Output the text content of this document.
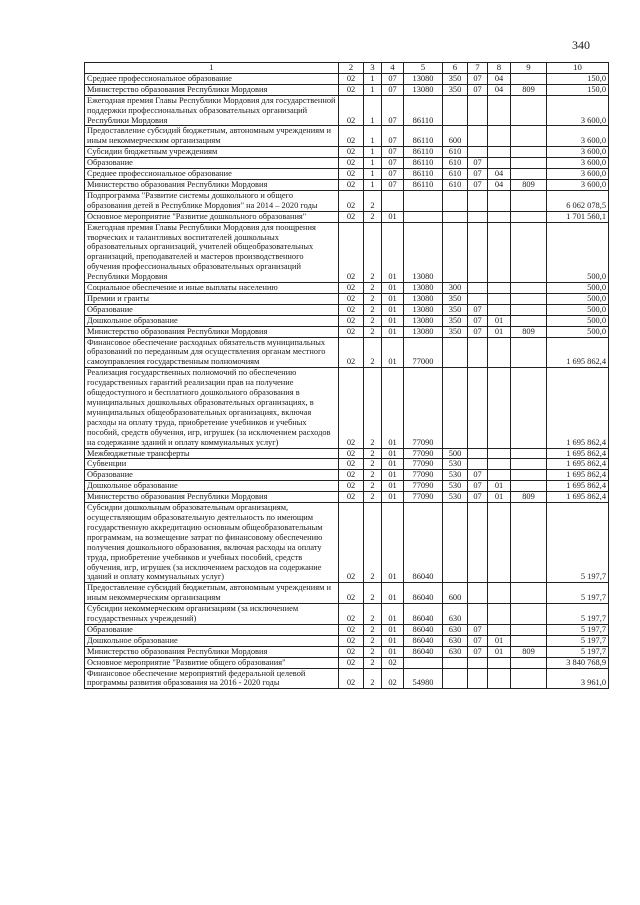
340
1	2	3	4	5	6	7	8	9	10
Среднее профессиональное образование	02	1	07	13080	350	07	04		150,0
Министерство образования Республики Мордовия	02	1	07	13080	350	07	04	809	150,0
Ежегодная премия Главы Республики Мордовия для государственной поддержки профессиональных образовательных организаций Республики Мордовия	02	1	07	86110					3 600,0
Предоставление субсидий бюджетным, автономным учреждениям и иным некоммерческим организациям	02	1	07	86110	600				3 600,0
Субсидии бюджетным учреждениям	02	1	07	86110	610				3 600,0
Образование	02	1	07	86110	610	07			3 600,0
Среднее профессиональное образование	02	1	07	86110	610	07	04		3 600,0
Министерство образования Республики Мордовия	02	1	07	86110	610	07	04	809	3 600,0
Подпрограмма "Развитие системы дошкольного и общего образования детей в Республике Мордовия" на 2014 – 2020 годы	02	2							6 062 078,5
Основное мероприятие "Развитие дошкольного образования"	02	2	01						1 701 560,1
Ежегодная премия Главы Республики Мордовия для поощрения творческих и талантливых воспитателей дошкольных образовательных организаций, учителей общеобразовательных организаций, преподавателей и мастеров производственного обучения профессиональных образовательных организаций Республики Мордовия	02	2	01	13080					500,0
Социальное обеспечение и иные выплаты населению	02	2	01	13080	300				500,0
Премии и гранты	02	2	01	13080	350				500,0
Образование	02	2	01	13080	350	07			500,0
Дошкольное образование	02	2	01	13080	350	07	01		500,0
Министерство образования Республики Мордовия	02	2	01	13080	350	07	01	809	500,0
Финансовое обеспечение расходных обязательств муниципальных образований по переданным для осуществления органам местного самоуправления государственным полномочиям	02	2	01	77000					1 695 862,4
Реализация государственных полномочий по обеспечению государственных гарантий реализации прав на получение общедоступного и бесплатного дошкольного образования в муниципальных дошкольных образовательных организациях, в муниципальных общеобразовательных организациях, включая расходы на оплату труда, приобретение учебников и учебных пособий, средств обучения, игр, игрушек (за исключением расходов на содержание зданий и оплату коммунальных услуг)	02	2	01	77090					1 695 862,4
Межбюджетные трансферты	02	2	01	77090	500				1 695 862,4
Субвенции	02	2	01	77090	530				1 695 862,4
Образование	02	2	01	77090	530	07			1 695 862,4
Дошкольное образование	02	2	01	77090	530	07	01		1 695 862,4
Министерство образования Республики Мордовия	02	2	01	77090	530	07	01	809	1 695 862,4
Субсидии дошкольным образовательным организациям, осуществляющим образовательную деятельность по имеющим государственную аккредитацию основным общеобразовательным программам, на возмещение затрат по финансовому обеспечению получения дошкольного образования, включая расходы на оплату труда, приобретение учебников и учебных пособий, средств обучения, игр, игрушек (за исключением расходов на содержание зданий и оплату коммунальных услуг)	02	2	01	86040					5 197,7
Предоставление субсидий бюджетным, автономным учреждениям и иным некоммерческим организациям	02	2	01	86040	600				5 197,7
Субсидии некоммерческим организациям (за исключением государственных учреждений)	02	2	01	86040	630				5 197,7
Образование	02	2	01	86040	630	07			5 197,7
Дошкольное образование	02	2	01	86040	630	07	01		5 197,7
Министерство образования Республики Мордовия	02	2	01	86040	630	07	01	809	5 197,7
Основное мероприятие "Развитие общего образования"	02	2	02						3 840 768,9
Финансовое обеспечение мероприятий федеральной целевой программы развития образования на 2016 - 2020 годы	02	2	02	54980					3 961,0
